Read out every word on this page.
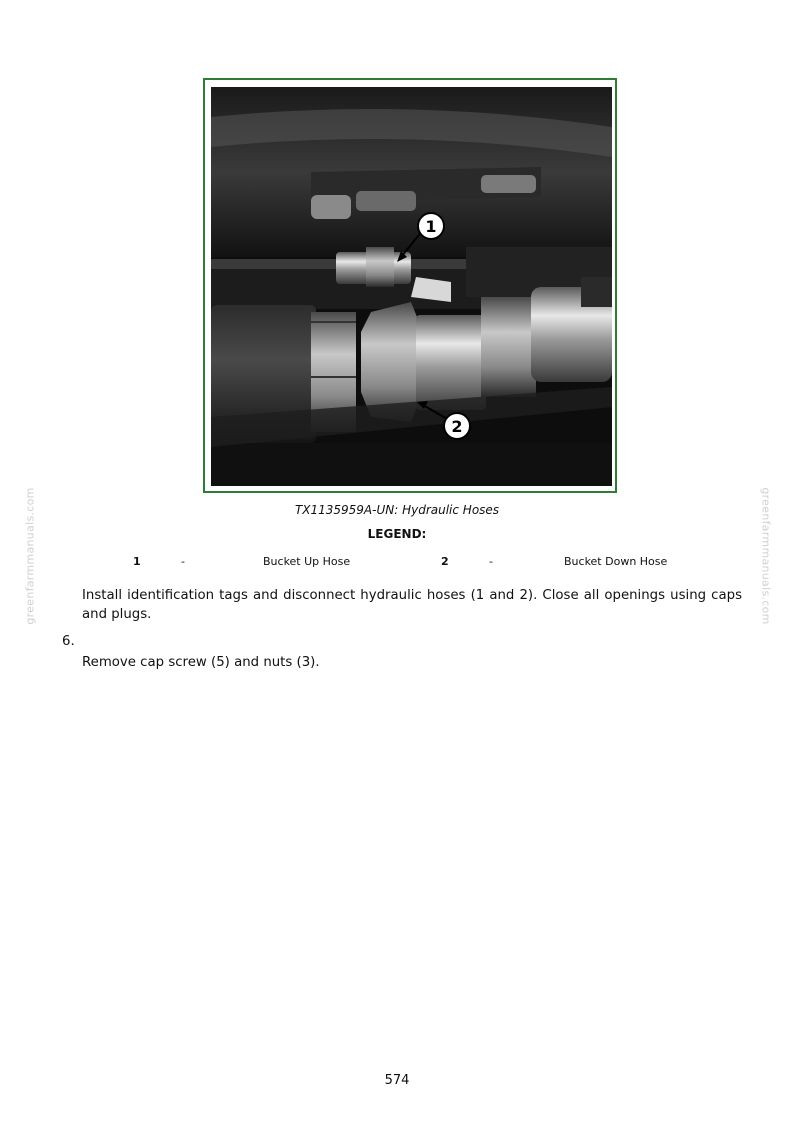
1
2
TX1135959A-UN: Hydraulic Hoses
LEGEND:
1	-	Bucket Up Hose	2	-	Bucket Down Hose
Install identification tags and disconnect hydraulic hoses (1 and 2). Close all openings using caps and plugs.
6.
Remove cap screw (5) and nuts (3).
greenfarmmanuals.com	greenfarmmanuals.com
574
